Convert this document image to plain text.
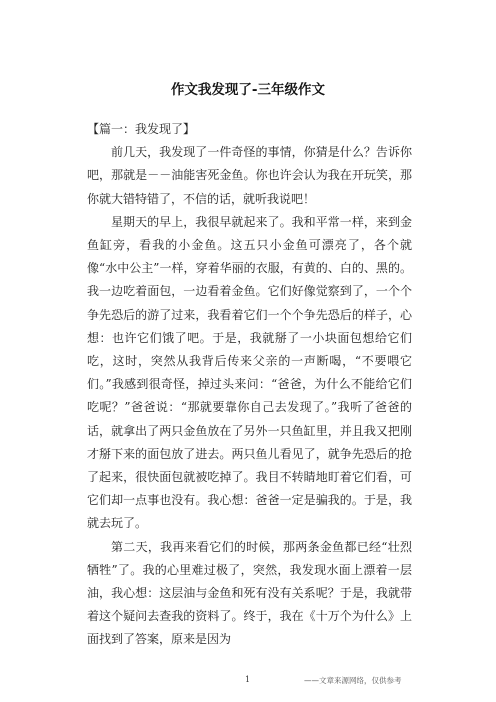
作文我发现了-三年级作文

【篇一：我发现了】

前几天，我发现了一件奇怪的事情，你猜是什么？告诉你吧，那就是－－油能害死金鱼。你也许会认为我在开玩笑，那你就大错特错了，不信的话，就听我说吧！

星期天的早上，我很早就起来了。我和平常一样，来到金鱼缸旁，看我的小金鱼。这五只小金鱼可漂亮了，各个就像“水中公主”一样，穿着华丽的衣服，有黄的、白的、黑的。我一边吃着面包，一边看着金鱼。它们好像觉察到了，一个个争先恐后的游了过来，我看着它们一个个争先恐后的样子，心想：也许它们饿了吧。于是，我就掰了一小块面包想给它们吃，这时，突然从我背后传来父亲的一声断喝，“不要喂它们。”我感到很奇怪，掉过头来问：“爸爸，为什么不能给它们吃呢？”爸爸说：“那就要靠你自己去发现了。”我听了爸爸的话，就拿出了两只金鱼放在了另外一只鱼缸里，并且我又把刚才掰下来的面包放了进去。两只鱼儿看见了，就争先恐后的抢了起来，很快面包就被吃掉了。我目不转睛地盯着它们看，可它们却一点事也没有。我心想：爸爸一定是骗我的。于是，我就去玩了。

第二天，我再来看它们的时候，那两条金鱼都已经“壮烈牺牲”了。我的心里难过极了，突然，我发现水面上漂着一层油，我心想：这层油与金鱼和死有没有关系呢？于是，我就带着这个疑问去查我的资料了。终于，我在《十万个为什么》上面找到了答案，原来是因为

1	——文章来源网络，仅供参考
